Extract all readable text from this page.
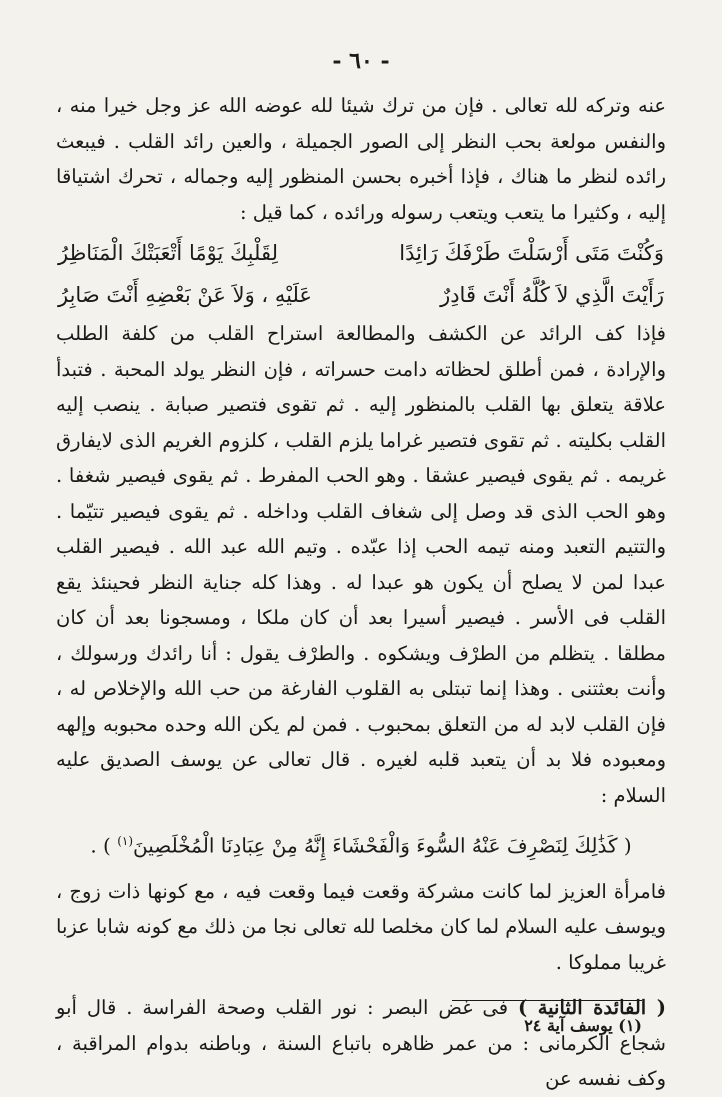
- ٦٠ -

عنه وتركه لله تعالى . فإن من ترك شيئا لله عوضه الله عز وجل خيرا منه ، والنفس مولعة بحب النظر إلى الصور الجميلة ، والعين رائد القلب . فيبعث رائده لنظر ما هناك ، فإذا أخبره بحسن المنظور إليه وجماله ، تحرك اشتياقا إليه ، وكثيرا ما يتعب ويتعب رسوله ورائده ، كما قيل :

وَكُنْتَ مَتَى أَرْسَلْتَ طَرْفَكَ رَائِدًا
لِقَلْبِكَ يَوْمًا أَتْعَبَتْكَ الْمَنَاظِرُ
رَأَيْتَ الَّذِي لاَ كُلَّهُ أَنْتَ قَادِرٌ
عَلَيْهِ ، وَلاَ عَنْ بَعْضِهِ أَنْتَ صَابِرُ

فإذا كف الرائد عن الكشف والمطالعة استراح القلب من كلفة الطلب والإرادة ، فمن أطلق لحظاته دامت حسراته ، فإن النظر يولد المحبة . فتبدأ علاقة يتعلق بها القلب بالمنظور إليه . ثم تقوى فتصير صبابة . ينصب إليه القلب بكليته . ثم تقوى فتصير غراما يلزم القلب ، كلزوم الغريم الذى لايفارق غريمه . ثم يقوى فيصير عشقا . وهو الحب المفرط . ثم يقوى فيصير شغفا . وهو الحب الذى قد وصل إلى شغاف القلب وداخله . ثم يقوى فيصير تتيّما . والتتيم التعبد ومنه تيمه الحب إذا عبّده . وتيم الله عبد الله . فيصير القلب عبدا لمن لا يصلح أن يكون هو عبدا له . وهذا كله جناية النظر فحينئذ يقع القلب فى الأسر . فيصير أسيرا بعد أن كان ملكا ، ومسجونا بعد أن كان مطلقا . يتظلم من الطرْف ويشكوه . والطرْف يقول : أنا رائدك ورسولك ، وأنت بعثتنى . وهذا إنما تبتلى به القلوب الفارغة من حب الله والإخلاص له ، فإن القلب لابد له من التعلق بمحبوب . فمن لم يكن الله وحده محبوبه وإلهه ومعبوده فلا بد أن يتعبد قلبه لغيره . قال تعالى عن يوسف الصديق عليه السلام :

( كَذَٰلِكَ لِنَصْرِفَ عَنْهُ السُّوءَ وَالْفَحْشَاءَ إِنَّهُ مِنْ عِبَادِنَا الْمُخْلَصِينَ$^{(١)}$ ) .

فامرأة العزيز لما كانت مشركة وقعت فيما وقعت فيه ، مع كونها ذات زوج ، ويوسف عليه السلام لما كان مخلصا لله تعالى نجا من ذلك مع كونه شابا عزبا غريبا مملوكا .

( الفائدة الثانية ) فى غض البصر : نور القلب وصحة الفراسة . قال أبو شجاع الكرمانى : من عمر ظاهره باتباع السنة ، وباطنه بدوام المراقبة ، وكف نفسه عن

(١) يوسف آية ٢٤
